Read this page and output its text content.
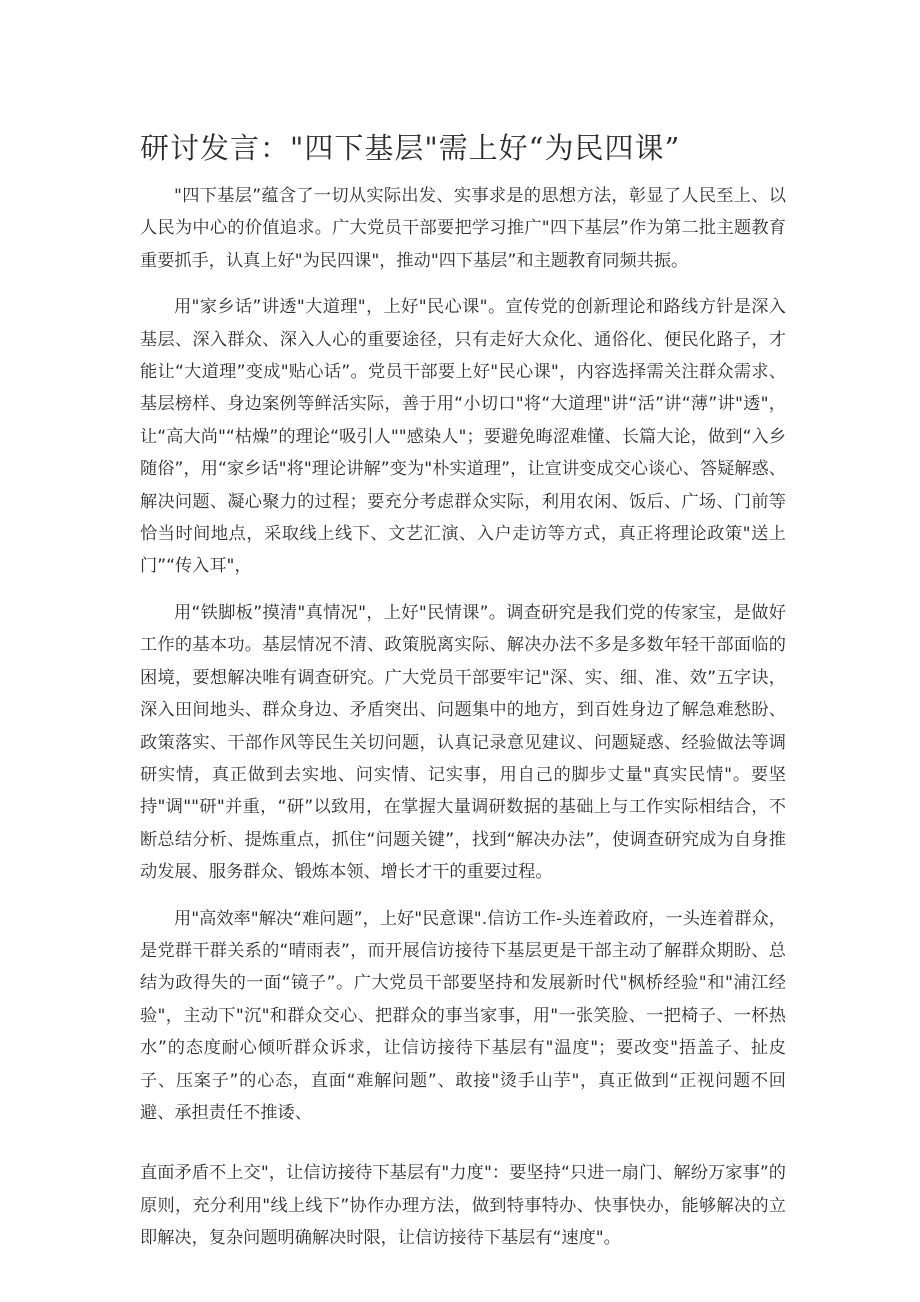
研讨发言："四下基层"需上好“为民四课”

"四下基层”蕴含了一切从实际出发、实事求是的思想方法，彰显了人民至上、以人民为中心的价值追求。广大党员干部要把学习推广"四下基层”作为第二批主题教育重要抓手，认真上好"为民四课"，推动"四下基层”和主题教育同频共振。

用"家乡话”讲透"大道理"，上好"民心课"。宣传党的创新理论和路线方针是深入基层、深入群众、深入人心的重要途径，只有走好大众化、通俗化、便民化路子，才能让“大道理”变成"贴心话”。党员干部要上好"民心课"，内容选择需关注群众需求、基层榜样、身边案例等鲜活实际，善于用“小切口"将“大道理"讲“活”讲“薄”讲"透"，让“高大尚"“枯燥”的理论“吸引人""感染人"；要避免晦涩难懂、长篇大论，做到“入乡随俗”，用“家乡话"将"理论讲解”变为"朴实道理”，让宣讲变成交心谈心、答疑解惑、解决问题、凝心聚力的过程；要充分考虑群众实际，利用农闲、饭后、广场、门前等恰当时间地点，采取线上线下、文艺汇演、入户走访等方式，真正将理论政策"送上门”“传入耳"，

用“铁脚板”摸清"真情况"，上好"民情课”。调查研究是我们党的传家宝，是做好工作的基本功。基层情况不清、政策脱离实际、解决办法不多是多数年轻干部面临的困境，要想解决唯有调查研究。广大党员干部要牢记"深、实、细、准、效”五字诀，深入田间地头、群众身边、矛盾突出、问题集中的地方，到百姓身边了解急难愁盼、政策落实、干部作风等民生关切问题，认真记录意见建议、问题疑惑、经验做法等调研实情，真正做到去实地、问实情、记实事，用自己的脚步丈量"真实民情"。要坚持"调""研"并重，“研”以致用，在掌握大量调研数据的基础上与工作实际相结合，不断总结分析、提炼重点，抓住“问题关键”，找到“解决办法”，使调查研究成为自身推动发展、服务群众、锻炼本领、增长才干的重要过程。

用"高效率"解决“难问题”，上好"民意课".信访工作-头连着政府，一头连着群众，是党群干群关系的“晴雨表”，而开展信访接待下基层更是干部主动了解群众期盼、总结为政得失的一面“镜子”。广大党员干部要坚持和发展新时代"枫桥经验"和"浦江经验"，主动下"沉"和群众交心、把群众的事当家事，用"一张笑脸、一把椅子、一杯热水”的态度耐心倾听群众诉求，让信访接待下基层有"温度"；要改变"捂盖子、扯皮子、压案子”的心态，直面“难解问题”、敢接"烫手山芋"，真正做到“正视问题不回避、承担责任不推诿、

直面矛盾不上交"，让信访接待下基层有"力度"：要坚持“只进一扇门、解纷万家事”的原则，充分利用"线上线下”协作办理方法，做到特事特办、快事快办，能够解决的立即解决，复杂问题明确解决时限，让信访接待下基层有“速度"。
